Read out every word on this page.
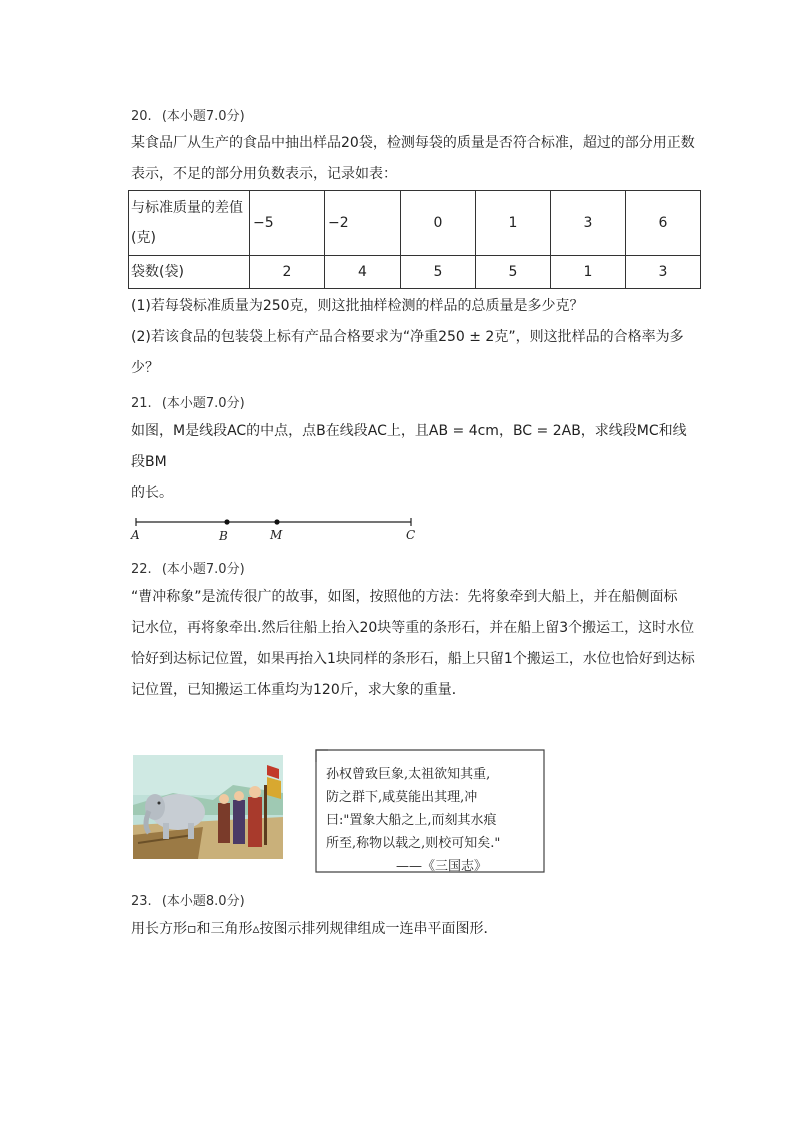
20. (本小题7.0分)
某食品厂从生产的食品中抽出样品20袋，检测每袋的质量是否符合标准，超过的部分用正数
表示，不足的部分用负数表示，记录如表：
与标准质量的差值
(克)	−5	−2	0	1	3	6
袋数(袋)	2	4	5	5	1	3
(1)若每袋标准质量为250克，则这批抽样检测的样品的总质量是多少克？
(2)若该食品的包装袋上标有产品合格要求为“净重250 ± 2克”，则这批样品的合格率为多
少？
21. (本小题7.0分)
如图，M是线段AC的中点，点B在线段AC上，且AB = 4cm，BC = 2AB，求线段MC和线段BM
的长。
A	B	M	C
22. (本小题7.0分)
“曹冲称象”是流传很广的故事，如图，按照他的方法：先将象牵到大船上，并在船侧面标
记水位，再将象牵出.然后往船上抬入20块等重的条形石，并在船上留3个搬运工，这时水位
恰好到达标记位置，如果再抬入1块同样的条形石，船上只留1个搬运工，水位也恰好到达标
记位置，已知搬运工体重均为120斤，求大象的重量．
孙权曾致巨象,太祖欲知其重,
防之群下,咸莫能出其理,冲
曰:"置象大船之上,而刻其水痕
所至,称物以载之,则校可知矣."
——《三国志》
23. (本小题8.0分)
用长方形▫和三角形▵按图示排列规律组成一连串平面图形．
